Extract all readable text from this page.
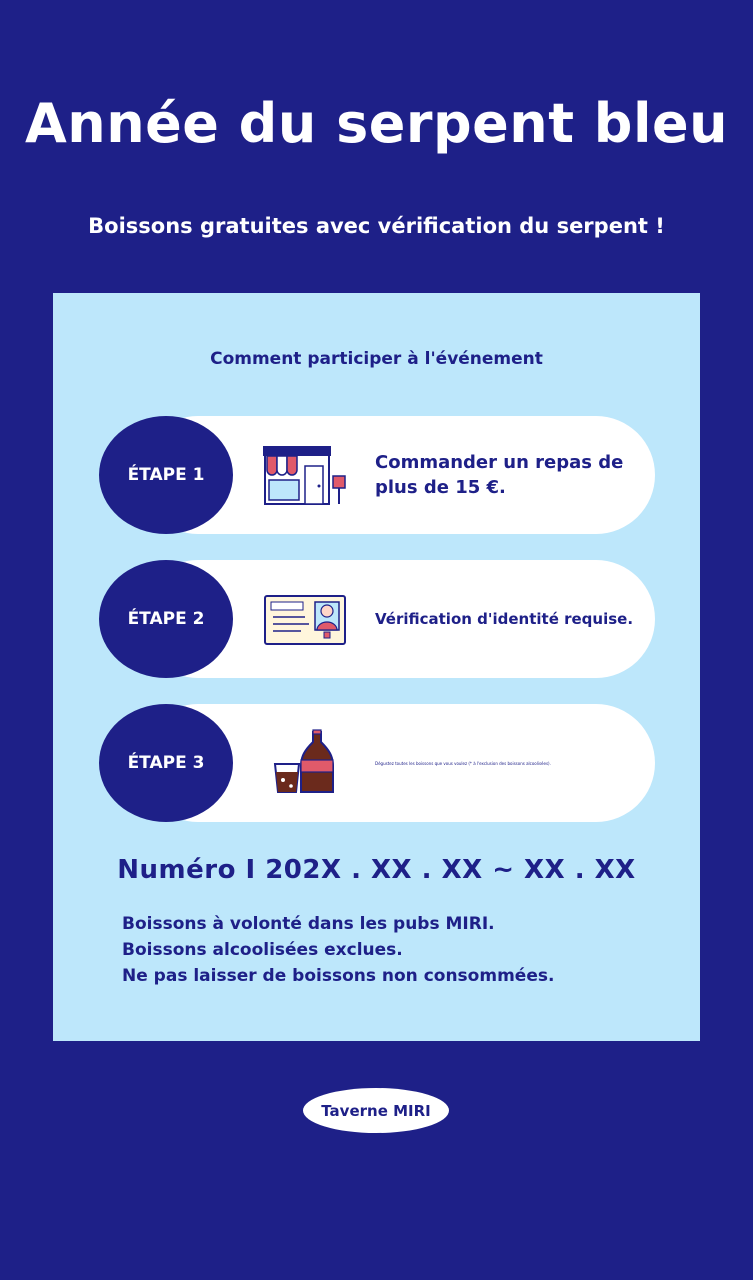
Année du serpent bleu
Boissons gratuites avec vérification du serpent !
Comment participer à l'événement
ÉTAPE 1
Commander un repas de plus de 15 €.
ÉTAPE 2	Vérification d'identité requise.
ÉTAPE 3	Dégustez toutes les boissons que vous voulez (* à l'exclusion des boissons alcoolisées).
Numéro I 202X . XX . XX ~ XX . XX
Boissons à volonté dans les pubs MIRI.
Boissons alcoolisées exclues.
Ne pas laisser de boissons non consommées.
Taverne MIRI
